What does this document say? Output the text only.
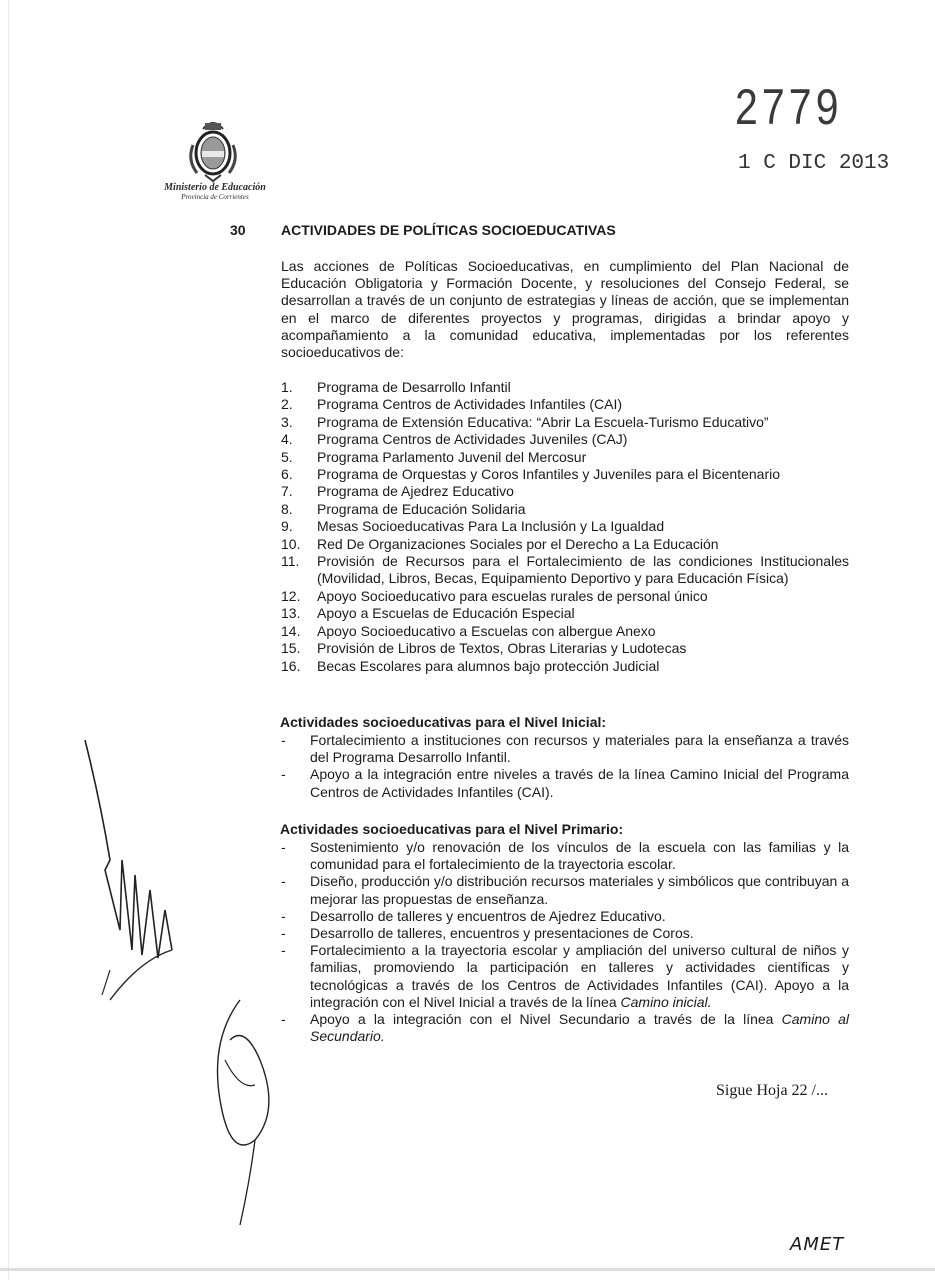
Ministerio de Educación
Provincia de Corrientes
2779
1 C DIC 2013
30	ACTIVIDADES DE POLÍTICAS SOCIOEDUCATIVAS

Las acciones de Políticas Socioeducativas, en cumplimiento del Plan Nacional de Educación Obligatoria y Formación Docente, y resoluciones del Consejo Federal, se desarrollan a través de un conjunto de estrategias y líneas de acción, que se implementan en el marco de diferentes proyectos y programas, dirigidas a brindar apoyo y acompañamiento a la comunidad educativa, implementadas por los referentes socioeducativos de:

1.	Programa de Desarrollo Infantil
2.	Programa Centros de Actividades Infantiles (CAI)
3.	Programa de Extensión Educativa: “Abrir La Escuela-Turismo Educativo”
4.	Programa Centros de Actividades Juveniles (CAJ)
5.	Programa Parlamento Juvenil del Mercosur
6.	Programa de Orquestas y Coros Infantiles y Juveniles para el Bicentenario
7.	Programa de Ajedrez Educativo
8.	Programa de Educación Solidaria
9.	Mesas Socioeducativas Para La Inclusión y La Igualdad
10.	Red De Organizaciones Sociales por el Derecho a La Educación
11.	Provisión de Recursos para el Fortalecimiento de las condiciones Institucionales (Movilidad, Libros, Becas, Equipamiento Deportivo y para Educación Física)
12.	Apoyo Socioeducativo para escuelas rurales de personal único
13.	Apoyo a Escuelas de Educación Especial
14.	Apoyo Socioeducativo a Escuelas con albergue Anexo
15.	Provisión de Libros de Textos, Obras Literarias y Ludotecas
16.	Becas Escolares para alumnos bajo protección Judicial
Actividades socioeducativas para el Nivel Inicial:
-	Fortalecimiento a instituciones con recursos y materiales para la enseñanza a través del Programa Desarrollo Infantil.
-	Apoyo a la integración entre niveles a través de la línea Camino Inicial del Programa Centros de Actividades Infantiles (CAI).
Actividades socioeducativas para el Nivel Primario:
-	Sostenimiento y/o renovación de los vínculos de la escuela con las familias y la comunidad para el fortalecimiento de la trayectoria escolar.
-	Diseño, producción y/o distribución recursos materiales y simbólicos que contribuyan a mejorar las propuestas de enseñanza.
-	Desarrollo de talleres y encuentros de Ajedrez Educativo.
-	Desarrollo de talleres, encuentros y presentaciones de Coros.
-	Fortalecimiento a la trayectoria escolar y ampliación del universo cultural de niños y familias, promoviendo la participación en talleres y actividades científicas y tecnológicas a través de los Centros de Actividades Infantiles (CAI). Apoyo a la integración con el Nivel Inicial a través de la línea Camino inicial.
-	Apoyo a la integración con el Nivel Secundario a través de la línea Camino al Secundario.
Sigue Hoja 22 /...
AMET
